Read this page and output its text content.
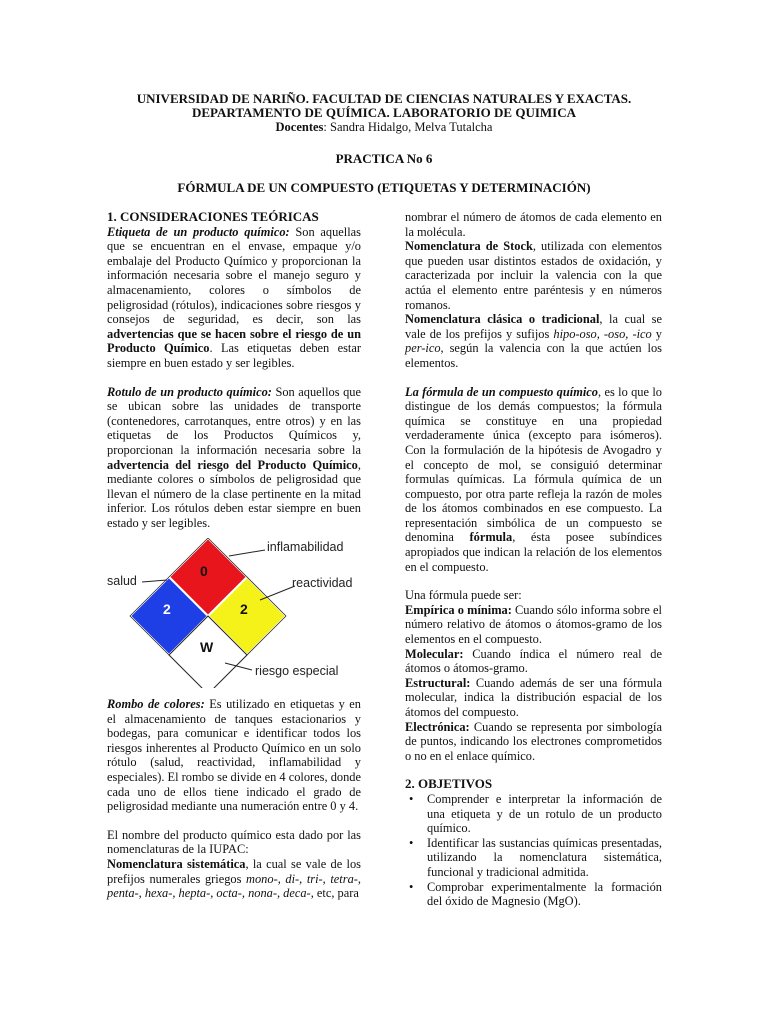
UNIVERSIDAD DE NARIÑO. FACULTAD DE CIENCIAS NATURALES Y EXACTAS.
DEPARTAMENTO DE QUÍMICA. LABORATORIO DE QUIMICA
Docentes: Sandra Hidalgo, Melva Tutalcha
PRACTICA No 6
FÓRMULA DE UN COMPUESTO (ETIQUETAS Y DETERMINACIÓN)
1. CONSIDERACIONES TEÓRICAS

Etiqueta de un producto químico: Son aquellas que se encuentran en el envase, empaque y/o embalaje del Producto Químico y proporcionan la información necesaria sobre el manejo seguro y almacenamiento, colores o símbolos de peligrosidad (rótulos), indicaciones sobre riesgos y consejos de seguridad, es decir, son las advertencias que se hacen sobre el riesgo de un Producto Químico. Las etiquetas deben estar siempre en buen estado y ser legibles.

Rotulo de un producto químico: Son aquellos que se ubican sobre las unidades de transporte (contenedores, carrotanques, entre otros) y en las etiquetas de los Productos Químicos y, proporcionan la información necesaria sobre la advertencia del riesgo del Producto Químico, mediante colores o símbolos de peligrosidad que llevan el número de la clase pertinente en la mitad inferior. Los rótulos deben estar siempre en buen estado y ser legibles.

0
2	2
W
inflamabilidad
salud	reactividad
riesgo especial

Rombo de colores: Es utilizado en etiquetas y en el almacenamiento de tanques estacionarios y bodegas, para comunicar e identificar todos los riesgos inherentes al Producto Químico en un solo rótulo (salud, reactividad, inflamabilidad y especiales). El rombo se divide en 4 colores, donde cada uno de ellos tiene indicado el grado de peligrosidad mediante una numeración entre 0 y 4.

El nombre del producto químico esta dado por las nomenclaturas de la IUPAC:

Nomenclatura sistemática, la cual se vale de los prefijos numerales griegos mono-, di-, tri-, tetra-, penta-, hexa-, hepta-, octa-, nona-, deca-, etc, para

nombrar el número de átomos de cada elemento en la molécula.

Nomenclatura de Stock, utilizada con elementos que pueden usar distintos estados de oxidación, y caracterizada por incluir la valencia con la que actúa el elemento entre paréntesis y en números romanos.

Nomenclatura clásica o tradicional, la cual se vale de los prefijos y sufijos hipo-oso, -oso, -ico y per-ico, según la valencia con la que actúen los elementos.

La fórmula de un compuesto químico, es lo que lo distingue de los demás compuestos; la fórmula química se constituye en una propiedad verdaderamente única (excepto para isómeros). Con la formulación de la hipótesis de Avogadro y el concepto de mol, se consiguió determinar formulas químicas. La fórmula química de un compuesto, por otra parte refleja la razón de moles de los átomos combinados en ese compuesto. La representación simbólica de un compuesto se denomina fórmula, ésta posee subíndices apropiados que indican la relación de los elementos en el compuesto.

Una fórmula puede ser:

Empírica o mínima: Cuando sólo informa sobre el número relativo de átomos o átomos-gramo de los elementos en el compuesto.

Molecular: Cuando índica el número real de átomos o átomos-gramo.

Estructural: Cuando además de ser una fórmula molecular, indica la distribución espacial de los átomos del compuesto.

Electrónica: Cuando se representa por simbología de puntos, indicando los electrones comprometidos o no en el enlace químico.

2. OBJETIVOS
• Comprender e interpretar la información de una etiqueta y de un rotulo de un producto químico.
• Identificar las sustancias químicas presentadas, utilizando la nomenclatura sistemática, funcional y tradicional admitida.
• Comprobar experimentalmente la formación del óxido de Magnesio (MgO).
